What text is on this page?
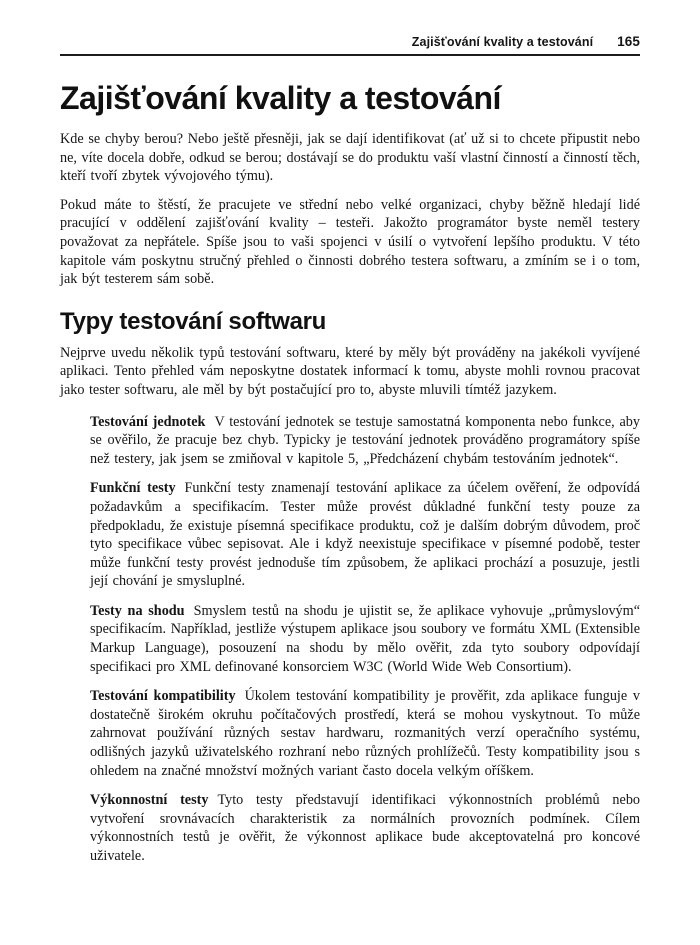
Zajišťování kvality a testování 165
Zajišťování kvality a testování

Kde se chyby berou? Nebo ještě přesněji, jak se dají identifikovat (ať už si to chcete připustit nebo ne, víte docela dobře, odkud se berou; dostávají se do produktu vaší vlastní činností a činností těch, kteří tvoří zbytek vývojového týmu).

Pokud máte to štěstí, že pracujete ve střední nebo velké organizaci, chyby běžně hledají lidé pracující v oddělení zajišťování kvality – testeři. Jakožto programátor byste neměl testery považovat za nepřátele. Spíše jsou to vaši spojenci v úsilí o vytvoření lepšího produktu. V této kapitole vám poskytnu stručný přehled o činnosti dobrého testera softwaru, a zmíním se i o tom, jak být testerem sám sobě.

Typy testování softwaru

Nejprve uvedu několik typů testování softwaru, které by měly být prováděny na jakékoli vyvíjené aplikaci. Tento přehled vám neposkytne dostatek informací k tomu, abyste mohli rovnou pracovat jako tester softwaru, ale měl by být postačující pro to, abyste mluvili tímtéž jazykem.

Testování jednotek V testování jednotek se testuje samostatná komponenta nebo funkce, aby se ověřilo, že pracuje bez chyb. Typicky je testování jednotek prováděno programátory spíše než testery, jak jsem se zmiňoval v kapitole 5, „Předcházení chybám testováním jednotek“.

Funkční testy Funkční testy znamenají testování aplikace za účelem ověření, že odpovídá požadavkům a specifikacím. Tester může provést důkladné funkční testy pouze za předpokladu, že existuje písemná specifikace produktu, což je dalším dobrým důvodem, proč tyto specifikace vůbec sepisovat. Ale i když neexistuje specifikace v písemné podobě, tester může funkční testy provést jednoduše tím způsobem, že aplikaci prochází a posuzuje, jestli její chování je smysluplné.

Testy na shodu Smyslem testů na shodu je ujistit se, že aplikace vyhovuje „průmyslovým“ specifikacím. Například, jestliže výstupem aplikace jsou soubory ve formátu XML (Extensible Markup Language), posouzení na shodu by mělo ověřit, zda tyto soubory odpovídají specifikaci pro XML definované konsorciem W3C (World Wide Web Consortium).

Testování kompatibility Úkolem testování kompatibility je prověřit, zda aplikace funguje v dostatečně širokém okruhu počítačových prostředí, která se mohou vyskytnout. To může zahrnovat používání různých sestav hardwaru, rozmanitých verzí operačního systému, odlišných jazyků uživatelského rozhraní nebo různých prohlížečů. Testy kompatibility jsou s ohledem na značné množství možných variant často docela velkým oříškem.

Výkonnostní testy Tyto testy představují identifikaci výkonnostních problémů nebo vytvoření srovnávacích charakteristik za normálních provozních podmínek. Cílem výkonnostních testů je ověřit, že výkonnost aplikace bude akceptovatelná pro koncové uživatele.
